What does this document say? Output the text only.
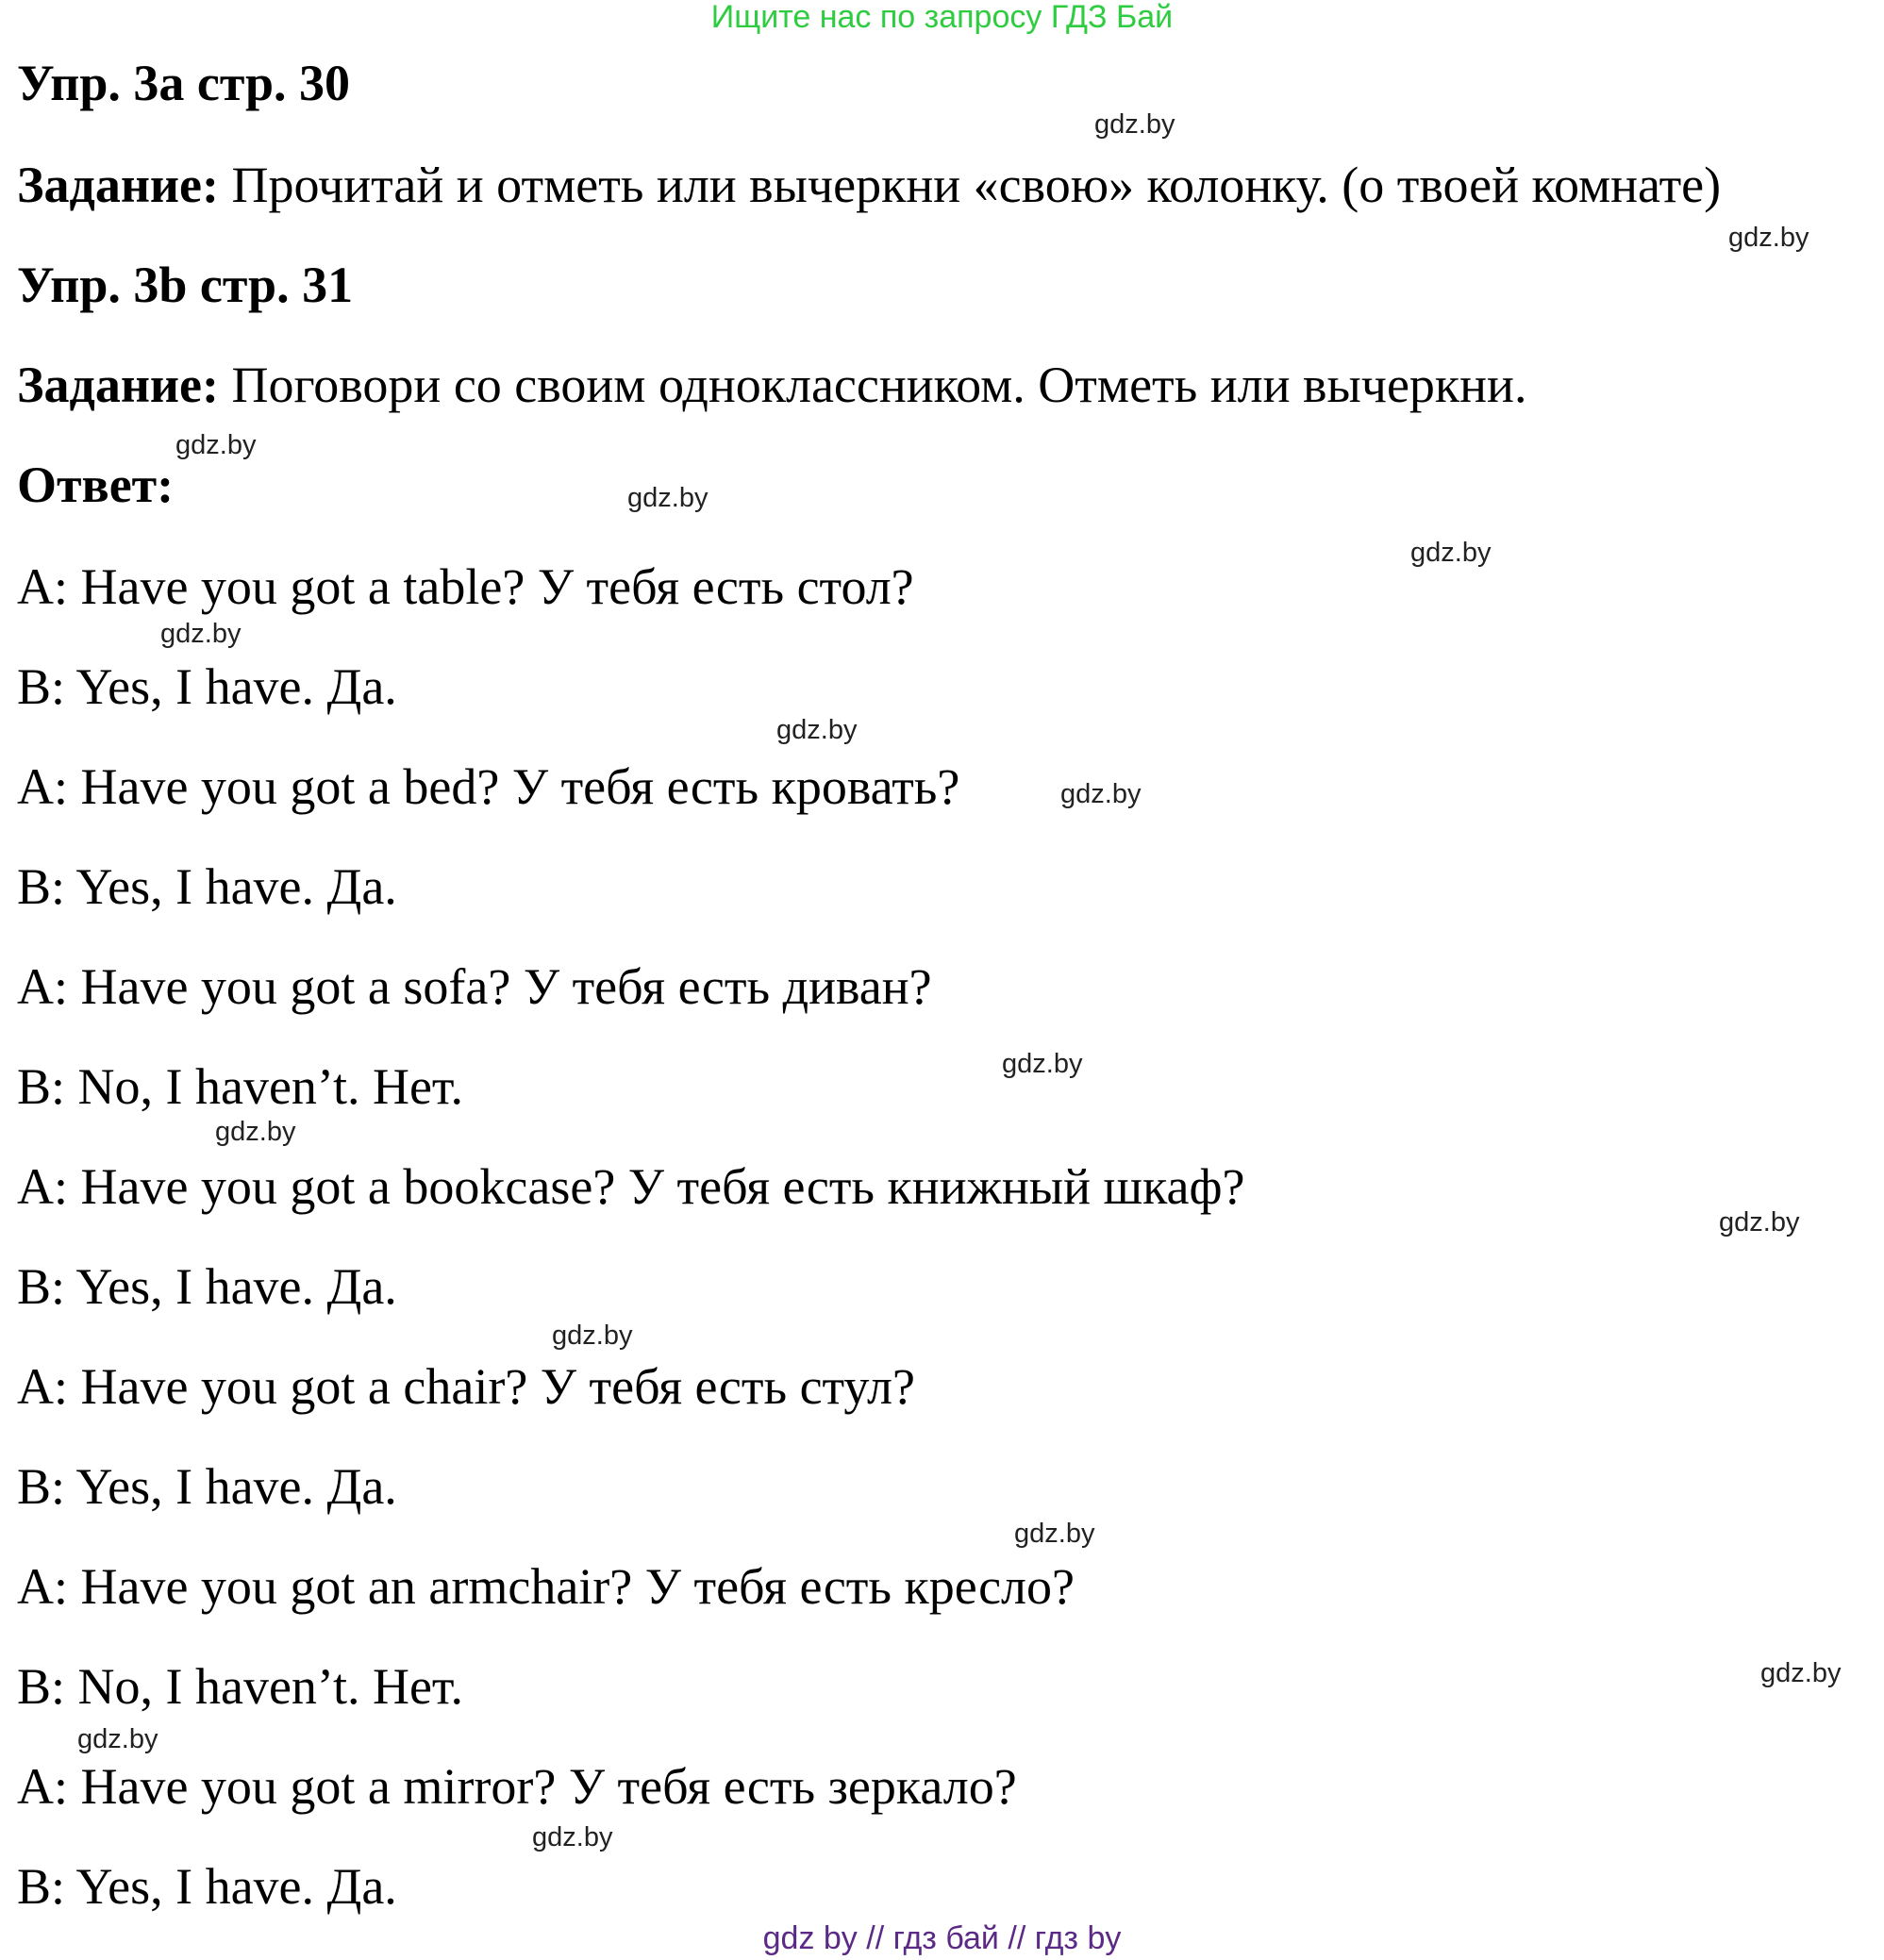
Ищите нас по запросу ГДЗ Бай
Упр. 3a стр. 30
Задание: Прочитай и отметь или вычеркни «свою» колонку. (о твоей комнате)
Упр. 3b стр. 31
Задание: Поговори со своим одноклассником. Отметь или вычеркни.
Ответ:
A: Have you got a table? У тебя есть стол?
B: Yes, I have. Да.
A: Have you got a bed? У тебя есть кровать?
B: Yes, I have. Да.
A: Have you got a sofa? У тебя есть диван?
B: No, I haven’t. Нет.
A: Have you got a bookcase? У тебя есть книжный шкаф?
B: Yes, I have. Да.
A: Have you got a chair? У тебя есть стул?
B: Yes, I have. Да.
A: Have you got an armchair? У тебя есть кресло?
B: No, I haven’t. Нет.
A: Have you got a mirror? У тебя есть зеркало?
B: Yes, I have. Да.
gdz.by
gdz.by
gdz.by
gdz.by
gdz.by
gdz.by
gdz.by
gdz.by
gdz.by
gdz.by
gdz.by
gdz.by
gdz.by
gdz.by
gdz.by
gdz.by
gdz by // гдз бай // гдз by
